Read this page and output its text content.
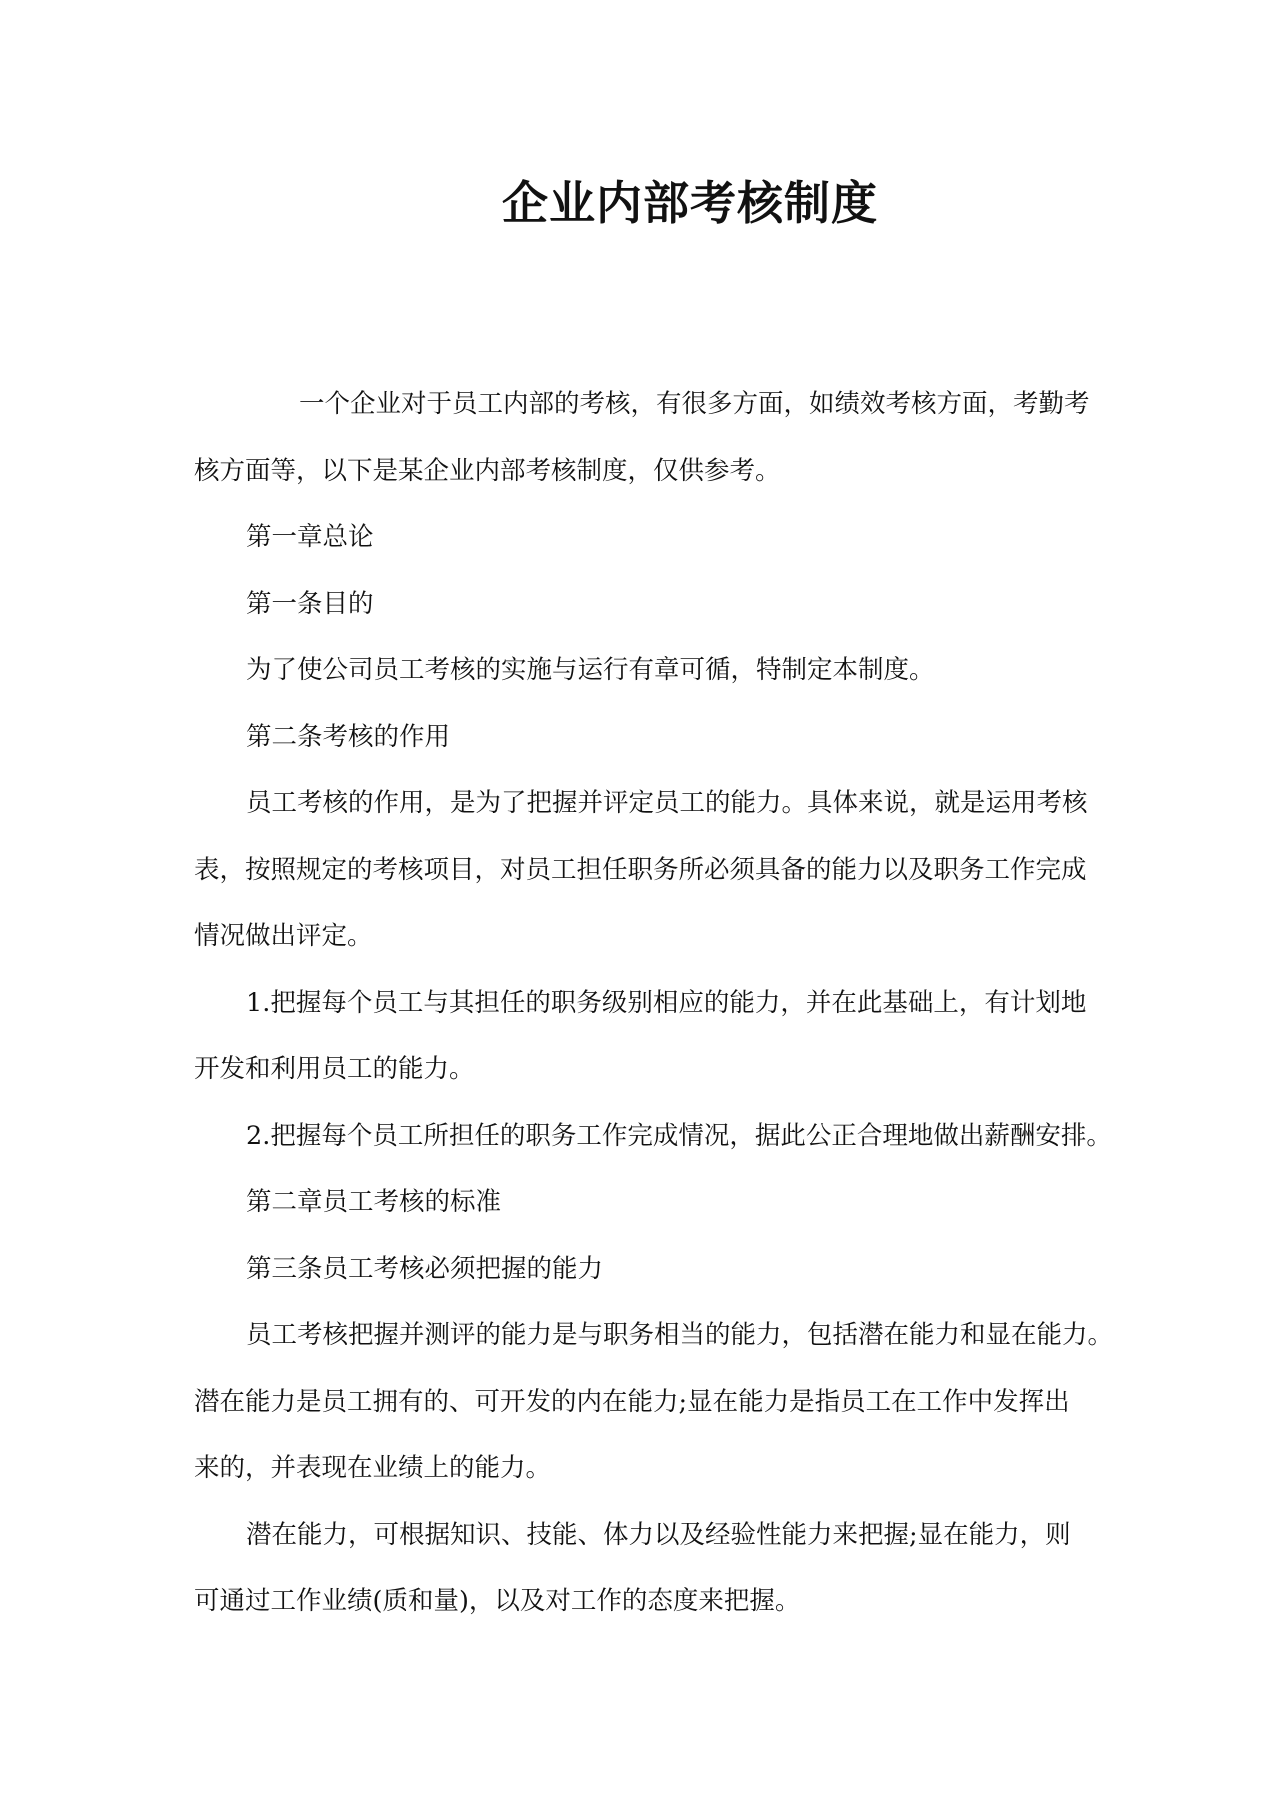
企业内部考核制度
一个企业对于员工内部的考核，有很多方面，如绩效考核方面，考勤考
核方面等，以下是某企业内部考核制度，仅供参考。
第一章总论
第一条目的
为了使公司员工考核的实施与运行有章可循，特制定本制度。
第二条考核的作用
员工考核的作用，是为了把握并评定员工的能力。具体来说，就是运用考核
表，按照规定的考核项目，对员工担任职务所必须具备的能力以及职务工作完成
情况做出评定。
1.把握每个员工与其担任的职务级别相应的能力，并在此基础上，有计划地
开发和利用员工的能力。
2.把握每个员工所担任的职务工作完成情况，据此公正合理地做出薪酬安排。
第二章员工考核的标准
第三条员工考核必须把握的能力
员工考核把握并测评的能力是与职务相当的能力，包括潜在能力和显在能力。
潜在能力是员工拥有的、可开发的内在能力;显在能力是指员工在工作中发挥出
来的，并表现在业绩上的能力。
潜在能力，可根据知识、技能、体力以及经验性能力来把握;显在能力，则
可通过工作业绩(质和量)，以及对工作的态度来把握。
